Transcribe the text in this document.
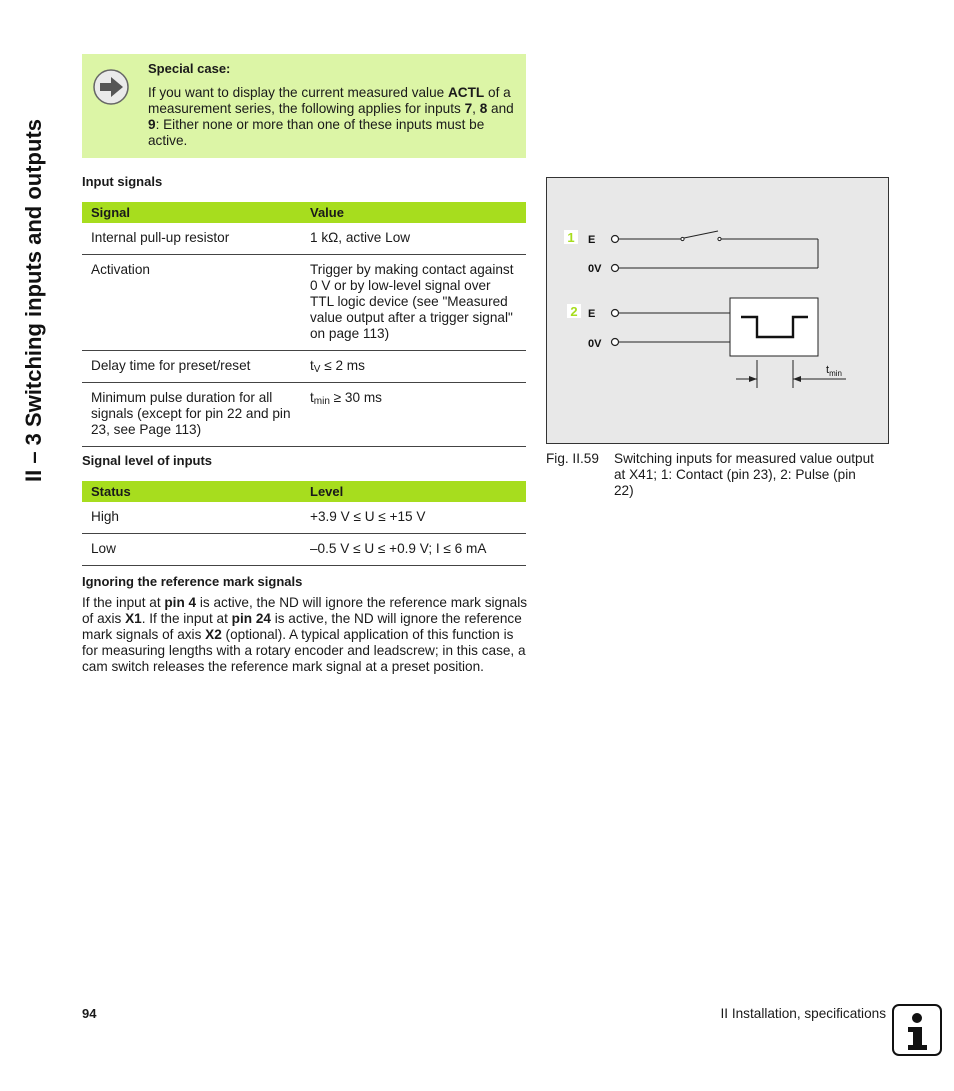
II – 3 Switching inputs and outputs
Special case:
If you want to display the current measured value ACTL of a measurement series, the following applies for inputs 7, 8 and 9: Either none or more than one of these inputs must be active.
Input signals
Signal	Value
Internal pull-up resistor	1 kΩ, active Low
Activation	Trigger by making contact against 0 V or by low-level signal over TTL logic device (see "Measured value output after a trigger signal" on page 113)
Delay time for preset/reset	$t_V \le 2$ ms
Minimum pulse duration for all signals (except for pin 22 and pin 23, see Page 113)	$t_{min} \ge 30$ ms
Signal level of inputs
Status	Level
High	+3.9 V ≤ U ≤ +15 V
Low	–0.5 V ≤ U ≤ +0.9 V; I ≤ 6 mA
Ignoring the reference mark signals
If the input at pin 4 is active, the ND will ignore the reference mark signals of axis X1. If the input at pin 24 is active, the ND will ignore the reference mark signals of axis X2 (optional). A typical application of this function is for measuring lengths with a rotary encoder and leadscrew; in this case, a cam switch releases the reference mark signal at a preset position.
1 E
0V
2 E
0V
$t_{min}$
Fig. II.59 Switching inputs for measured value output at X41; 1: Contact (pin 23), 2: Pulse (pin 22)
94	II Installation, specifications
